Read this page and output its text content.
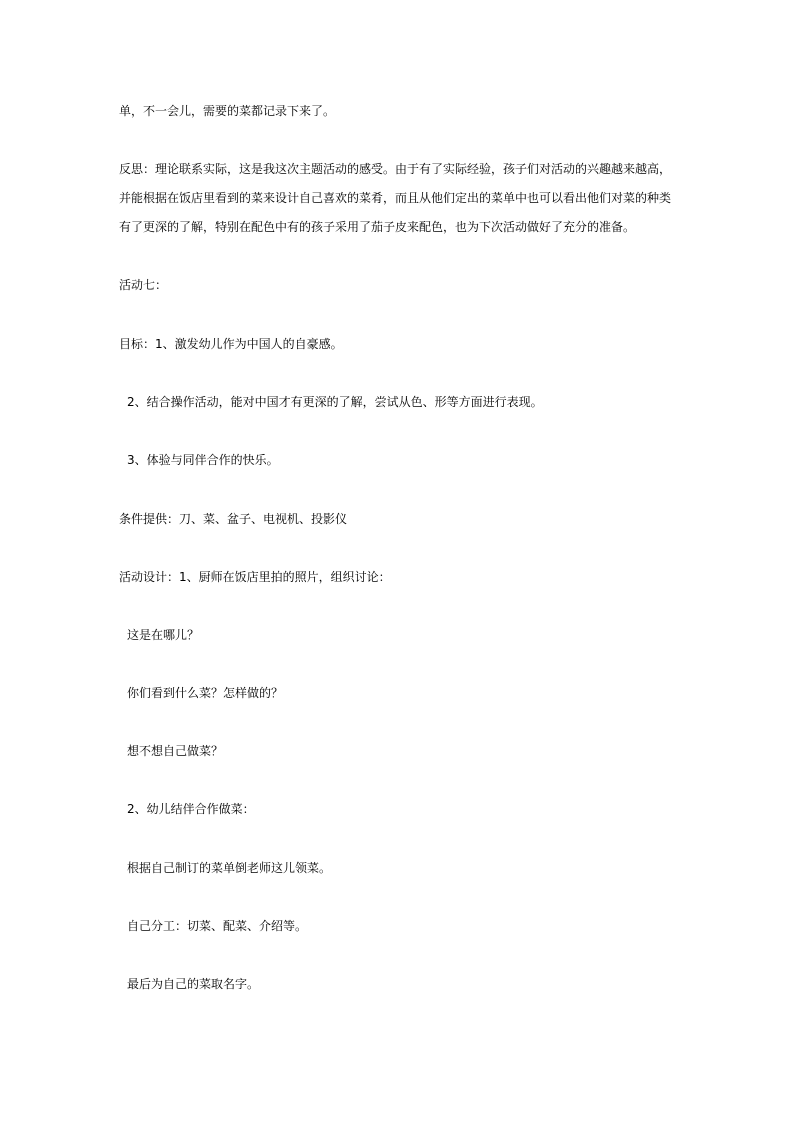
单，不一会儿，需要的菜都记录下来了。

反思：理论联系实际，这是我这次主题活动的感受。由于有了实际经验，孩子们对活动的兴趣越来越高，

并能根据在饭店里看到的菜来设计自己喜欢的菜肴，而且从他们定出的菜单中也可以看出他们对菜的种类

有了更深的了解，特别在配色中有的孩子采用了茄子皮来配色，也为下次活动做好了充分的准备。

活动七：

目标：1、激发幼儿作为中国人的自豪感。

2、结合操作活动，能对中国才有更深的了解，尝试从色、形等方面进行表现。

3、体验与同伴合作的快乐。

条件提供：刀、菜、盆子、电视机、投影仪

活动设计：1、厨师在饭店里拍的照片，组织讨论：

这是在哪儿？

你们看到什么菜？怎样做的？

想不想自己做菜？

2、幼儿结伴合作做菜：

根据自己制订的菜单倒老师这儿领菜。

自己分工：切菜、配菜、介绍等。

最后为自己的菜取名字。
